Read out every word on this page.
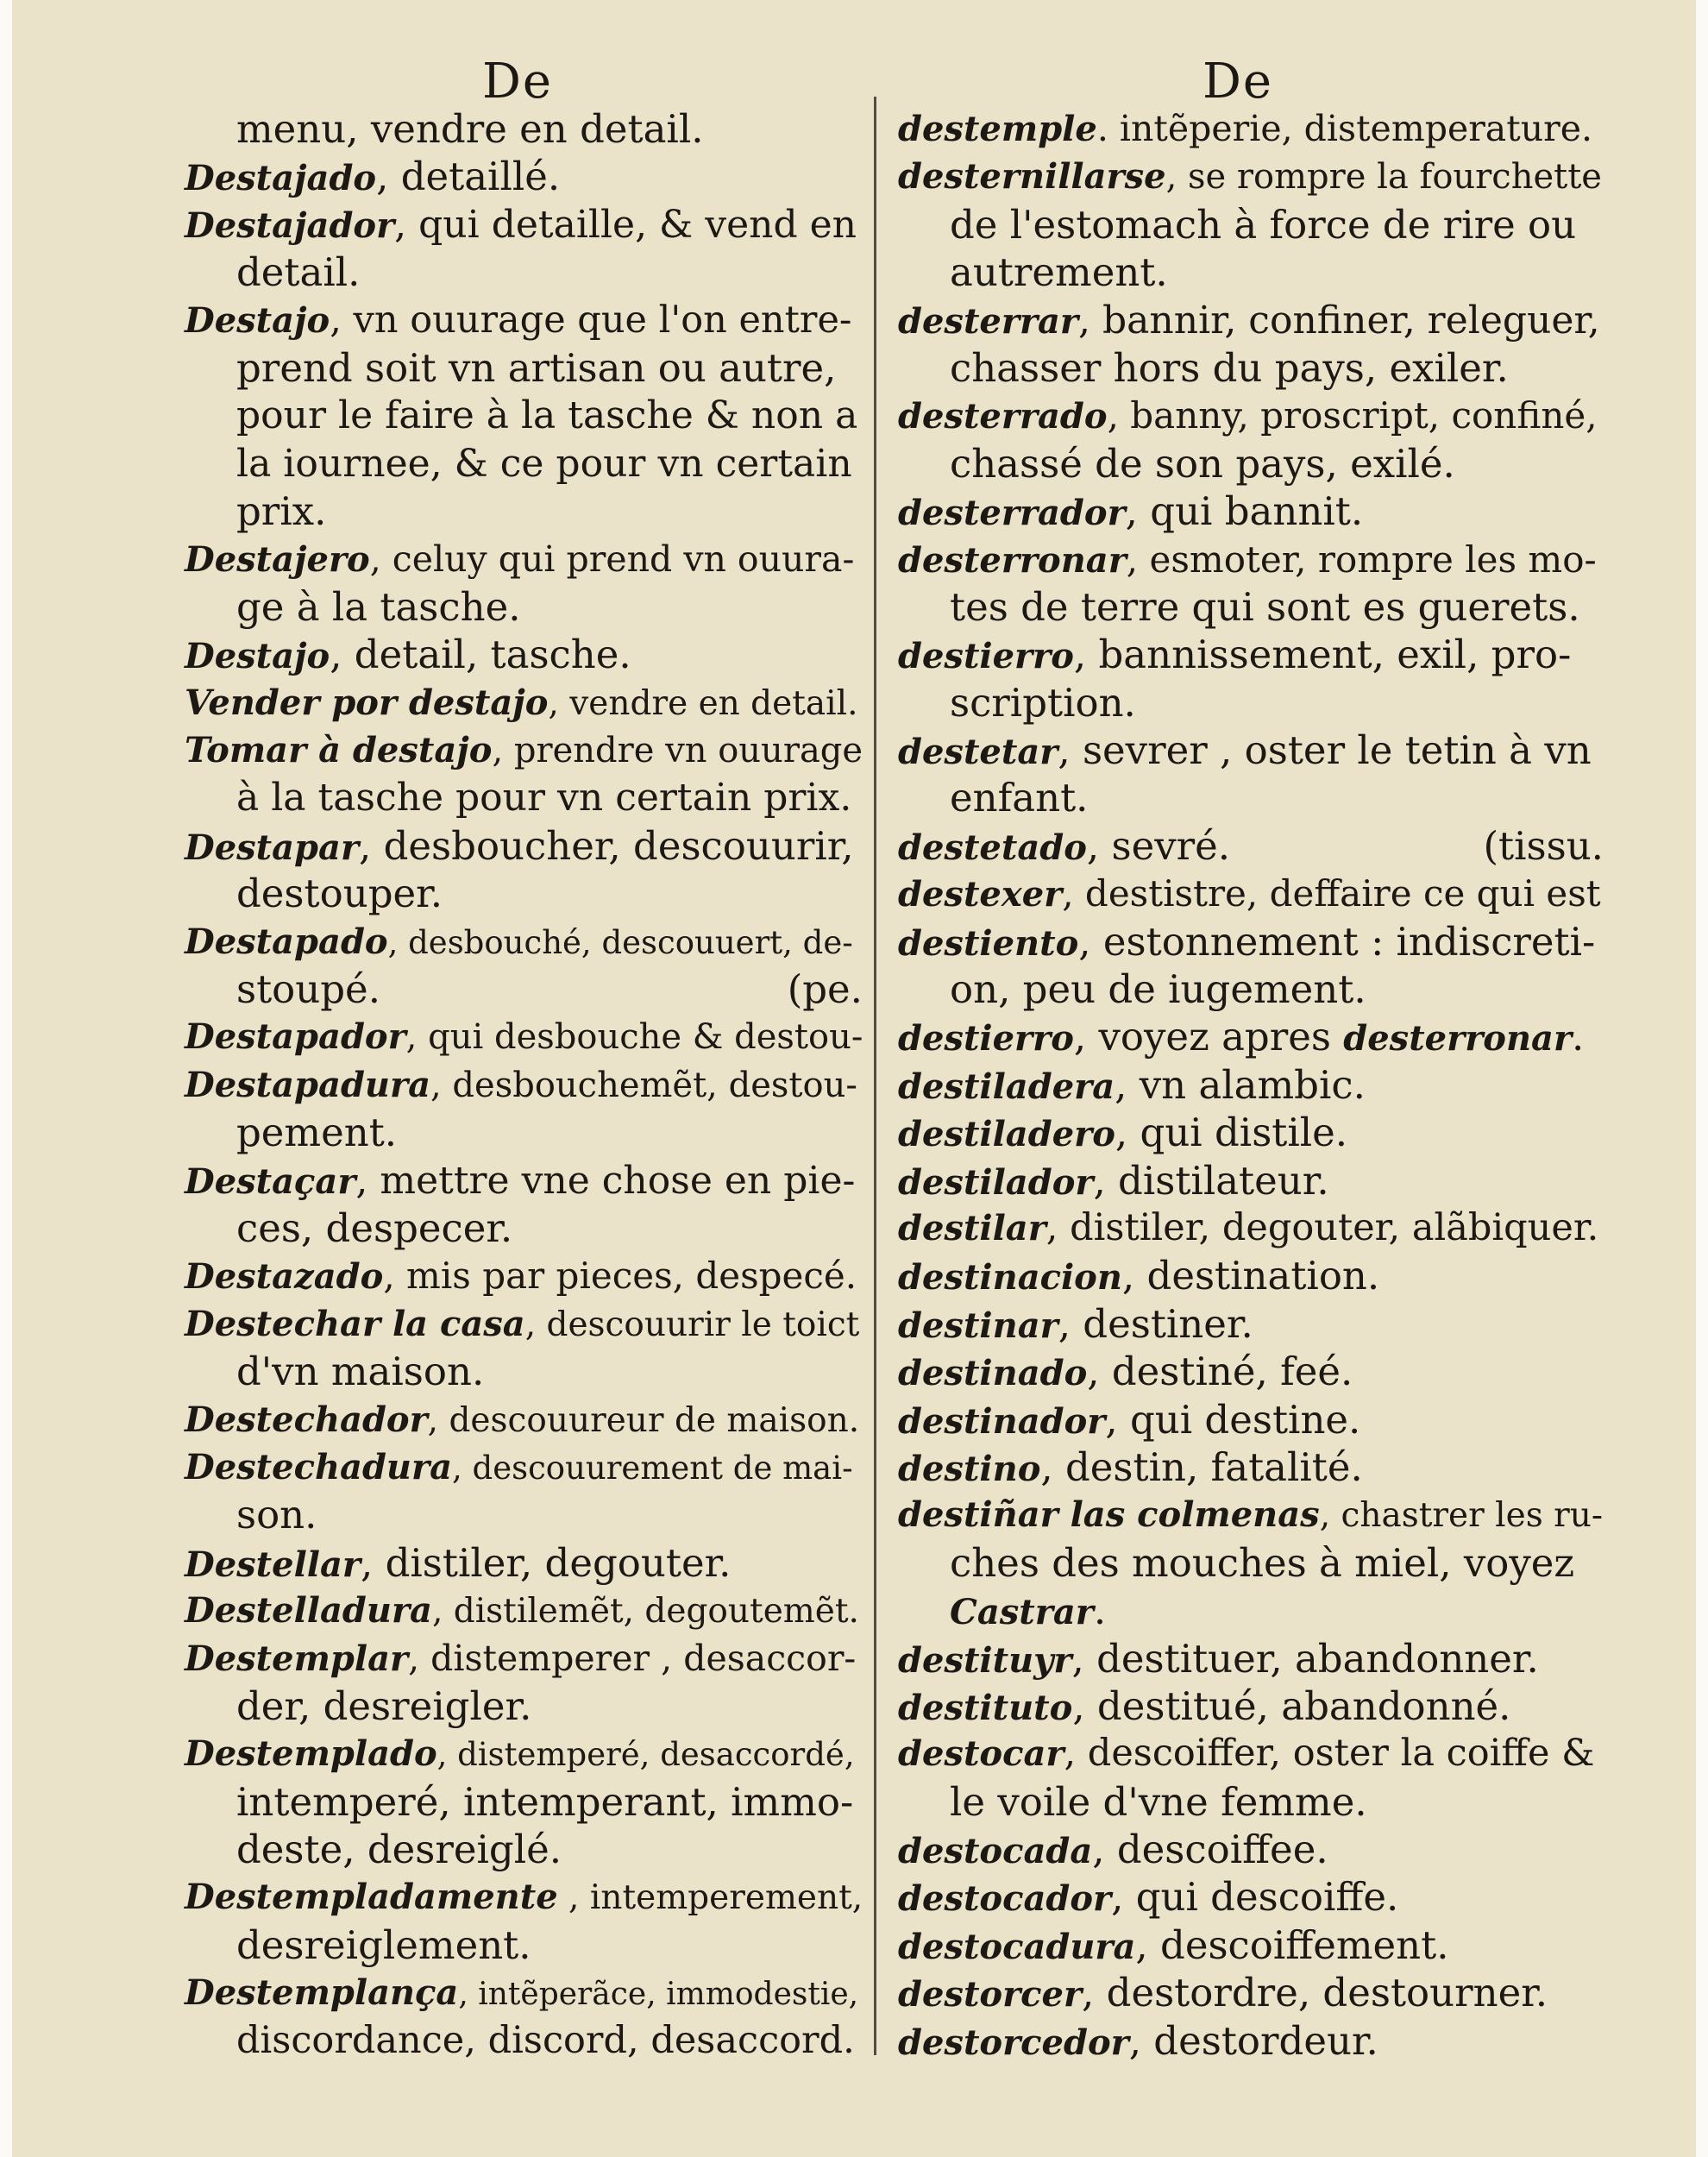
De	De
menu, vendre en detail.
Destajado, detaillé.
Destajador, qui detaille, & vend en
detail.
Destajo, vn ouurage que l'on entre-
prend soit vn artisan ou autre,
pour le faire à la tasche & non a
la iournee, & ce pour vn certain
prix.
Destajero, celuy qui prend vn ouura-
ge à la tasche.
Destajo, detail, tasche.
Vender por destajo, vendre en detail.
Tomar à destajo, prendre vn ouurage
à la tasche pour vn certain prix.
Destapar, desboucher, descouurir,
destouper.
Destapado, desbouché, descouuert, de-
stoupé.	(pe.
Destapador, qui desbouche & destou-
Destapadura, desbouchemẽt, destou-
pement.
Destaçar, mettre vne chose en pie-
ces, despecer.
Destazado, mis par pieces, despecé.
Destechar la casa, descouurir le toict
d'vn maison.
Destechador, descouureur de maison.
Destechadura, descouurement de mai-
son.
Destellar, distiler, degouter.
Destelladura, distilemẽt, degoutemẽt.
Destemplar, distemperer , desaccor-
der, desreigler.
Destemplado, distemperé, desaccordé,
intemperé, intemperant, immo-
deste, desreiglé.
Destempladamente , intemperement,
desreiglement.
Destemplança, intẽperãce, immodestie,
discordance, discord, desaccord.
destemple. intẽperie, distemperature.
desternillarse, se rompre la fourchette
de l'estomach à force de rire ou
autrement.
desterrar, bannir, confiner, releguer,
chasser hors du pays, exiler.
desterrado, banny, proscript, confiné,
chassé de son pays, exilé.
desterrador, qui bannit.
desterronar, esmoter, rompre les mo-
tes de terre qui sont es guerets.
destierro, bannissement, exil, pro-
scription.
destetar, sevrer , oster le tetin à vn
enfant.
destetado, sevré.	(tissu.
destexer, destistre, deffaire ce qui est
destiento, estonnement : indiscreti-
on, peu de iugement.
destierro, voyez apres desterronar.
destiladera, vn alambic.
destiladero, qui distile.
destilador, distilateur.
destilar, distiler, degouter, alãbiquer.
destinacion, destination.
destinar, destiner.
destinado, destiné, feé.
destinador, qui destine.
destino, destin, fatalité.
destiñar las colmenas, chastrer les ru-
ches des mouches à miel, voyez
Castrar.
destituyr, destituer, abandonner.
destituto, destitué, abandonné.
destocar, descoiffer, oster la coiffe &
le voile d'vne femme.
destocada, descoiffee.
destocador, qui descoiffe.
destocadura, descoiffement.
destorcer, destordre, destourner.
destorcedor, destordeur.
